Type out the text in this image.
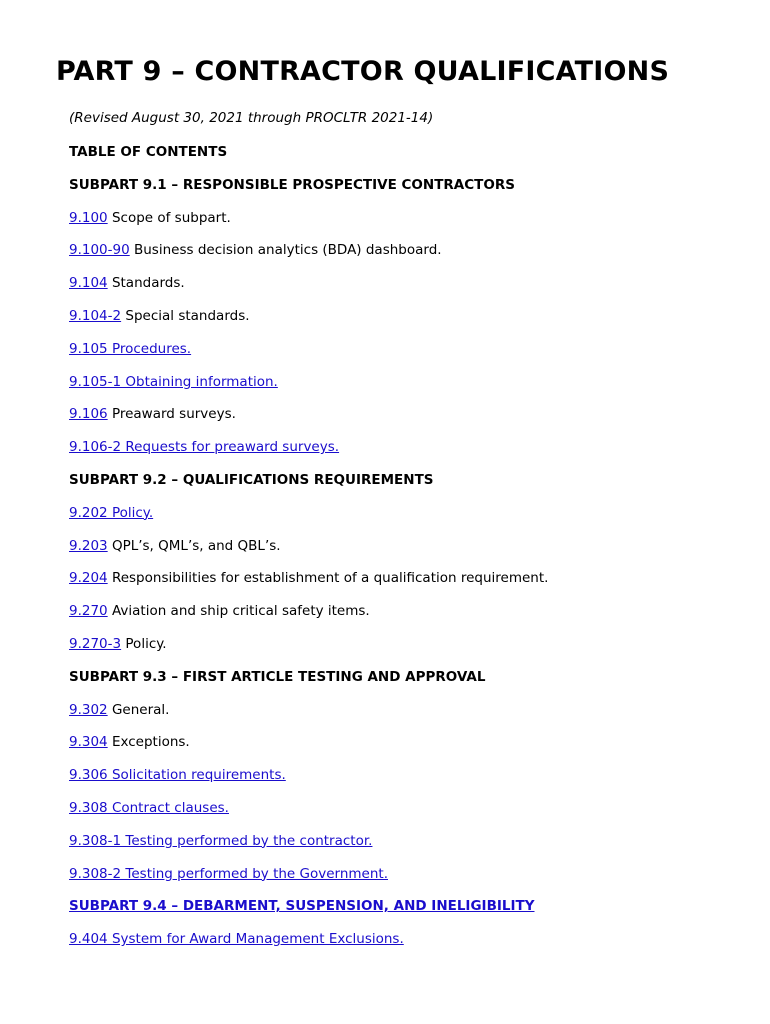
PART 9 – CONTRACTOR QUALIFICATIONS
(Revised August 30, 2021 through PROCLTR 2021-14)
TABLE OF CONTENTS
SUBPART 9.1 – RESPONSIBLE PROSPECTIVE CONTRACTORS
9.100 Scope of subpart.
9.100-90 Business decision analytics (BDA) dashboard.
9.104 Standards.
9.104-2 Special standards.
9.105 Procedures.
9.105-1 Obtaining information.
9.106 Preaward surveys.
9.106-2 Requests for preaward surveys.
SUBPART 9.2 – QUALIFICATIONS REQUIREMENTS
9.202 Policy.
9.203 QPL’s, QML’s, and QBL’s.
9.204 Responsibilities for establishment of a qualification requirement.
9.270 Aviation and ship critical safety items.
9.270-3 Policy.
SUBPART 9.3 – FIRST ARTICLE TESTING AND APPROVAL
9.302 General.
9.304 Exceptions.
9.306 Solicitation requirements.
9.308 Contract clauses.
9.308-1 Testing performed by the contractor.
9.308-2 Testing performed by the Government.
SUBPART 9.4 – DEBARMENT, SUSPENSION, AND INELIGIBILITY
9.404 System for Award Management Exclusions.
